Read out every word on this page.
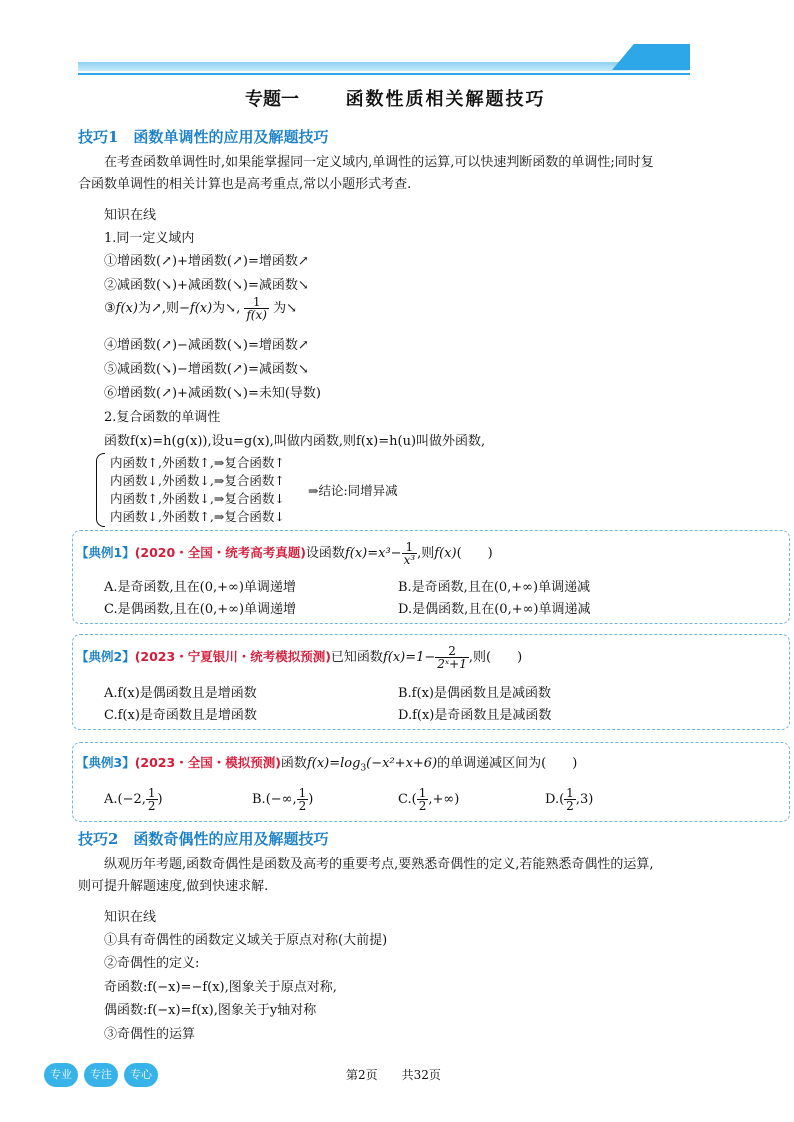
专题一	函数性质相关解题技巧
技巧1　函数单调性的应用及解题技巧
在考查函数单调性时,如果能掌握同一定义域内,单调性的运算,可以快速判断函数的单调性;同时复
合函数单调性的相关计算也是高考重点,常以小题形式考查.
知识在线
1.同一定义域内
①增函数(↗)+增函数(↗)=增函数↗
②减函数(↘)+减函数(↘)=减函数↘
③f(x)为↗,则−f(x)为↘, $\frac{1}{f(x)}$ 为↘
④增函数(↗)−减函数(↘)=增函数↗
⑤减函数(↘)−增函数(↗)=减函数↘
⑥增函数(↗)+减函数(↘)=未知(导数)
2.复合函数的单调性
函数f(x)=h(g(x)),设u=g(x),叫做内函数,则f(x)=h(u)叫做外函数,
内函数↑,外函数↑,⇒复合函数↑
内函数↓,外函数↓,⇒复合函数↑
内函数↑,外函数↓,⇒复合函数↓
内函数↓,外函数↑,⇒复合函数↓
⇒结论:同增异减
【典例1】(2020・全国・统考高考真题)设函数$f(x)=x^3- \frac{1}{\text{x³}}$ ,则f(x)(　　)
A.是奇函数,且在(0,+∞)单调递增	B.是奇函数,且在(0,+∞)单调递减
C.是偶函数,且在(0,+∞)单调递增	D.是偶函数,且在(0,+∞)单调递减
【典例2】(2023・宁夏银川・统考模拟预测)已知函数$f(x)=1- \frac{2}{\text{2ˣ+1}}$ ,则(　　)
A.f(x)是偶函数且是增函数	B.f(x)是偶函数且是减函数
C.f(x)是奇函数且是增函数	D.f(x)是奇函数且是减函数
【典例3】(2023・全国・模拟预测)函数$f(x)=\log_3(-x^2+x+6)$的单调递减区间为(　　)
A.(−2, $\frac{1}{2}$ )	B.(−∞, $\frac{1}{2}$ )	$C.( \frac{1}{2}$ ,+∞)	$D.( \frac{1}{2} ,3)$
技巧2　函数奇偶性的应用及解题技巧
纵观历年考题,函数奇偶性是函数及高考的重要考点,要熟悉奇偶性的定义,若能熟悉奇偶性的运算,
则可提升解题速度,做到快速求解.
知识在线
①具有奇偶性的函数定义域关于原点对称(大前提)
②奇偶性的定义:
奇函数:f(−x)=−f(x),图象关于原点对称,
偶函数:f(−x)=f(x),图象关于y轴对称
③奇偶性的运算
专业	专注	专心	第2页　　共32页
